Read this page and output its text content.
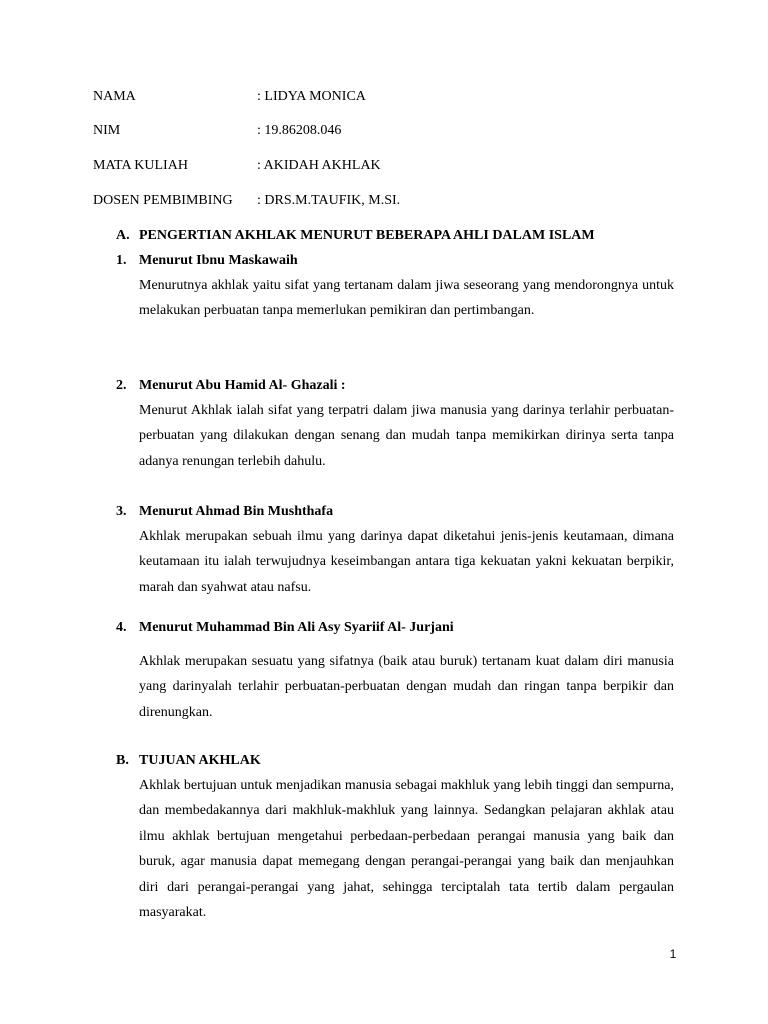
NAMA	: LIDYA MONICA
NIM	: 19.86208.046
MATA KULIAH	: AKIDAH AKHLAK
DOSEN PEMBIMBING : DRS.M.TAUFIK, M.SI.
A. PENGERTIAN AKHLAK MENURUT BEBERAPA AHLI DALAM ISLAM
1. Menurut Ibnu Maskawaih

Menurutnya akhlak yaitu sifat yang tertanam dalam jiwa seseorang yang mendorongnya untuk melakukan perbuatan tanpa memerlukan pemikiran dan pertimbangan.

2. Menurut Abu Hamid Al- Ghazali :

Menurut Akhlak ialah sifat yang terpatri dalam jiwa manusia yang darinya terlahir perbuatan-perbuatan yang dilakukan dengan senang dan mudah tanpa memikirkan dirinya serta tanpa adanya renungan terlebih dahulu.

3. Menurut Ahmad Bin Mushthafa

Akhlak merupakan sebuah ilmu yang darinya dapat diketahui jenis-jenis keutamaan, dimana keutamaan itu ialah terwujudnya keseimbangan antara tiga kekuatan yakni kekuatan berpikir, marah dan syahwat atau nafsu.

4. Menurut Muhammad Bin Ali Asy Syariif Al- Jurjani

Akhlak merupakan sesuatu yang sifatnya (baik atau buruk) tertanam kuat dalam diri manusia yang darinyalah terlahir perbuatan-perbuatan dengan mudah dan ringan tanpa berpikir dan direnungkan.

B. TUJUAN AKHLAK

Akhlak bertujuan untuk menjadikan manusia sebagai makhluk yang lebih tinggi dan sempurna, dan membedakannya dari makhluk-makhluk yang lainnya. Sedangkan pelajaran akhlak atau ilmu akhlak bertujuan mengetahui perbedaan-perbedaan perangai manusia yang baik dan buruk, agar manusia dapat memegang dengan perangai-perangai yang baik dan menjauhkan diri dari perangai-perangai yang jahat, sehingga terciptalah tata tertib dalam pergaulan masyarakat.

1
